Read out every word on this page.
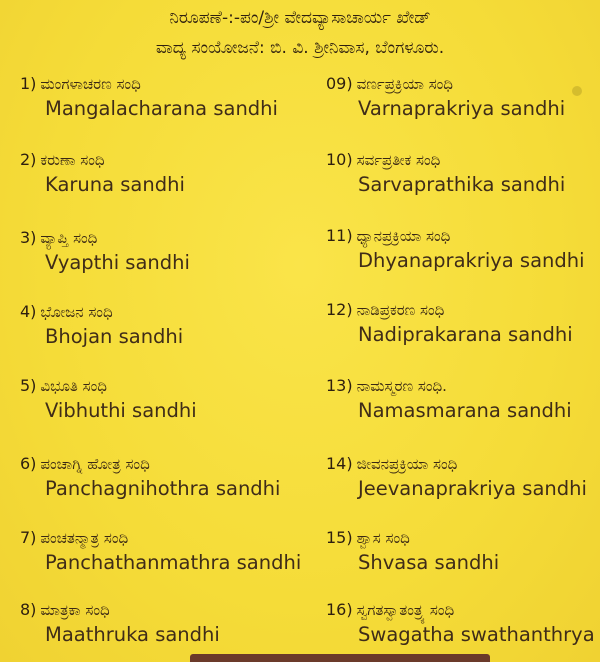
ನಿರೂಪಣೆ-:-ಪಂ/ಶ್ರೀ ವೇದವ್ಯಾಸಾಚಾರ್ಯ ಖೇಡ್
ವಾದ್ಯ ಸಂಯೋಜನೆ: ಬಿ. ವಿ. ಶ್ರೀನಿವಾಸ, ಬೆಂಗಳೂರು.
1) ಮಂಗಳಾಚರಣ ಸಂಧಿ
Mangalacharana sandhi
2) ಕರುಣಾ ಸಂಧಿ
Karuna sandhi
3) ವ್ಯಾಪ್ತಿ ಸಂಧಿ
Vyapthi sandhi
4) ಭೋಜನ ಸಂಧಿ
Bhojan sandhi
5) ವಿಭೂತಿ ಸಂಧಿ
Vibhuthi sandhi
6) ಪಂಚಾಗ್ನಿ ಹೋತ್ರ ಸಂಧಿ
Panchagnihothra sandhi
7) ಪಂಚತನ್ಮಾತ್ರ ಸಂಧಿ
Panchathanmathra sandhi
8) ಮಾತ್ರಕಾ ಸಂಧಿ
Maathruka sandhi
09) ವರ್ಣಪ್ರಕ್ರಿಯಾ ಸಂಧಿ
Varnaprakriya sandhi
10) ಸರ್ವಪ್ರತೀಕ ಸಂಧಿ
Sarvaprathika sandhi
11) ಧ್ಯಾನಪ್ರಕ್ರಿಯಾ ಸಂಧಿ
Dhyanaprakriya sandhi
12) ನಾಡಿಪ್ರಕರಣ ಸಂಧಿ
Nadiprakarana sandhi
13) ನಾಮಸ್ಮರಣ ಸಂಧಿ.
Namasmarana sandhi
14) ಜೀವನಪ್ರಕ್ರಿಯಾ ಸಂಧಿ
Jeevanaprakriya sandhi
15) ಶ್ವಾಸ ಸಂಧಿ
Shvasa sandhi
16) ಸ್ವಗತಸ್ವಾತಂತ್ರ್ಯ ಸಂಧಿ
Swagatha swathanthrya
